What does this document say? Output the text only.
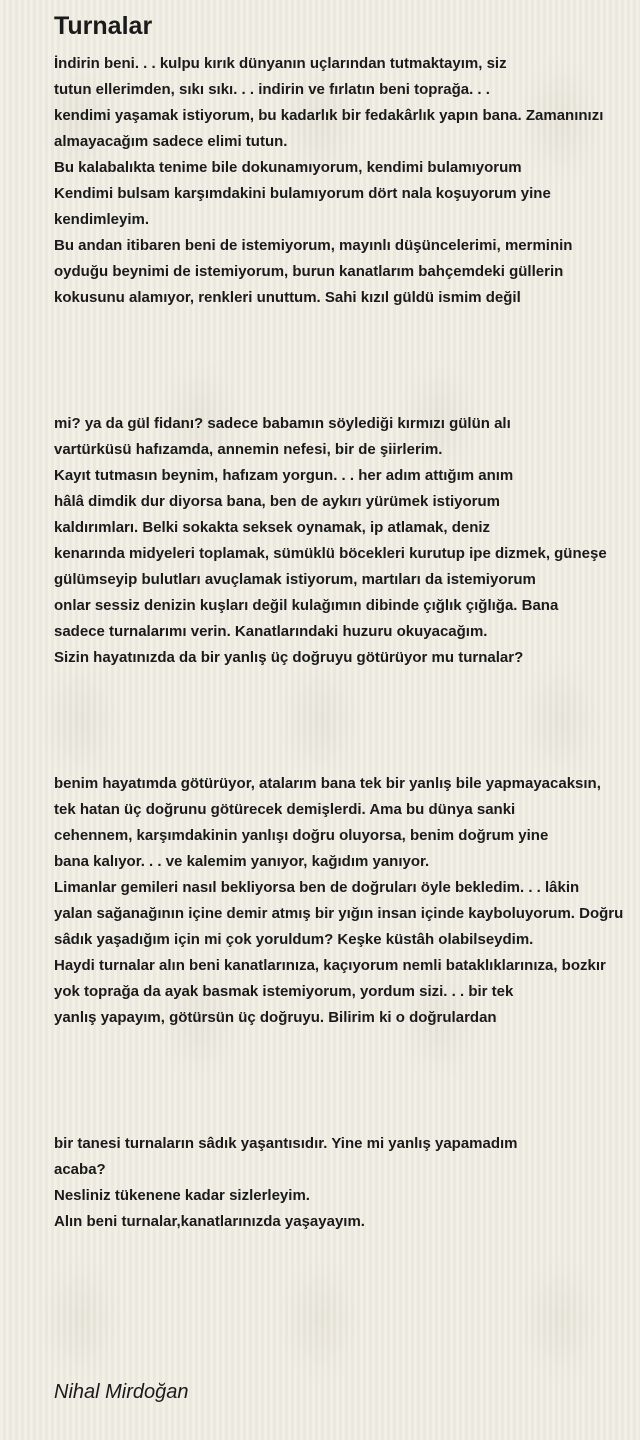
Turnalar
İndirin beni. . . kulpu kırık dünyanın uçlarından tutmaktayım, siz
tutun ellerimden, sıkı sıkı. . . indirin ve fırlatın beni toprağa. . .
kendimi yaşamak istiyorum, bu kadarlık bir fedakârlık yapın bana. Zamanınızı
almayacağım sadece elimi tutun.
Bu kalabalıkta tenime bile dokunamıyorum, kendimi bulamıyorum
Kendimi bulsam karşımdakini bulamıyorum dört nala koşuyorum yine
kendimleyim.
Bu andan itibaren beni de istemiyorum, mayınlı düşüncelerimi, merminin
oyduğu beynimi de istemiyorum, burun kanatlarım bahçemdeki güllerin
kokusunu alamıyor, renkleri unuttum. Sahi kızıl güldü ismim değil
mi? ya da gül fidanı? sadece babamın söylediği kırmızı gülün alı
vartürküsü hafızamda, annemin nefesi, bir de şiirlerim.
Kayıt tutmasın beynim, hafızam yorgun. . . her adım attığım anım
hâlâ dimdik dur diyorsa bana, ben de aykırı yürümek istiyorum
kaldırımları. Belki sokakta seksek oynamak, ip atlamak, deniz
kenarında midyeleri toplamak, sümüklü böcekleri kurutup ipe dizmek, güneşe
gülümseyip bulutları avuçlamak istiyorum, martıları da istemiyorum
onlar sessiz denizin kuşları değil kulağımın dibinde çığlık çığlığa. Bana
sadece turnalarımı verin. Kanatlarındaki huzuru okuyacağım.
Sizin hayatınızda da bir yanlış üç doğruyu götürüyor mu turnalar?
benim hayatımda götürüyor, atalarım bana tek bir yanlış bile yapmayacaksın,
tek hatan üç doğrunu götürecek demişlerdi. Ama bu dünya sanki
cehennem, karşımdakinin yanlışı doğru oluyorsa, benim doğrum yine
bana kalıyor. . . ve kalemim yanıyor, kağıdım yanıyor.
Limanlar gemileri nasıl bekliyorsa ben de doğruları öyle bekledim. . . lâkin
yalan sağanağının içine demir atmış bir yığın insan içinde kayboluyorum. Doğru
sâdık yaşadığım için mi çok yoruldum? Keşke küstâh olabilseydim.
Haydi turnalar alın beni kanatlarınıza, kaçıyorum nemli bataklıklarınıza, bozkır
yok toprağa da ayak basmak istemiyorum, yordum sizi. . . bir tek
yanlış yapayım, götürsün üç doğruyu. Bilirim ki o doğrulardan
bir tanesi turnaların sâdık yaşantısıdır. Yine mi yanlış yapamadım
acaba?
Nesliniz tükenene kadar sizlerleyim.
Alın beni turnalar,kanatlarınızda yaşayayım.
Nihal Mirdoğan
